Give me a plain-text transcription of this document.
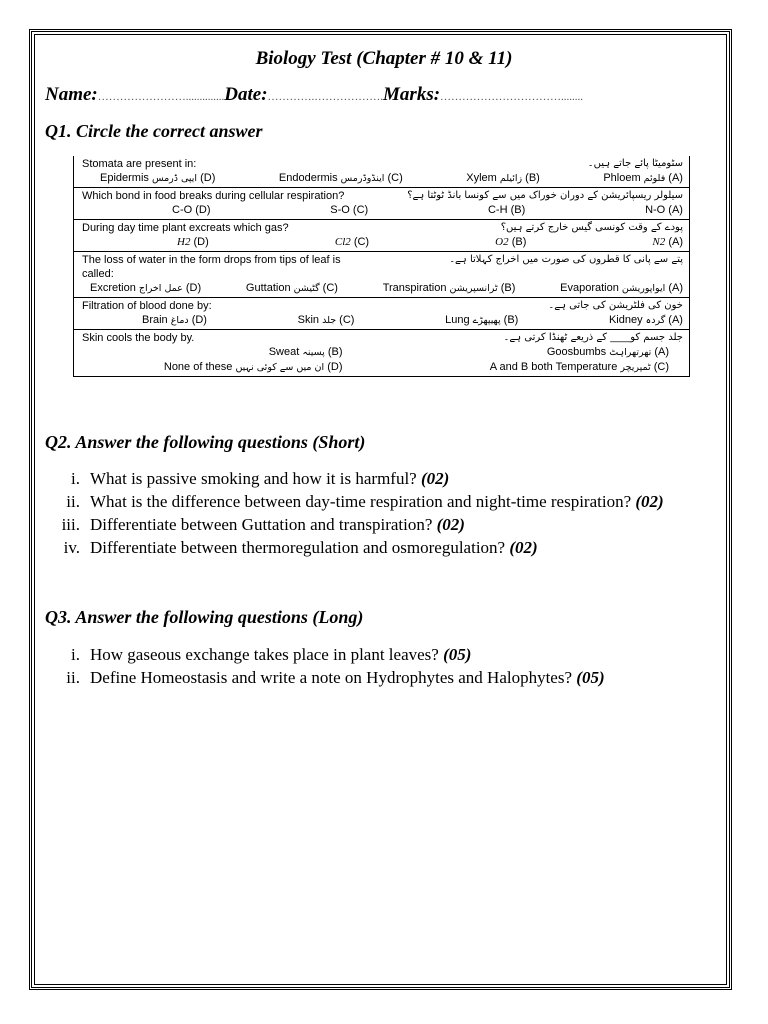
Biology Test (Chapter # 10 & 11)
Name:……………………..............Date:………….……………….Marks:……………………………........
Q1. Circle the correct answer
Stomata are present in:	سٹومیٹا پائے جاتے ہیں۔
Epidermis ایپی ڈرمس (D)	Endodermis اینڈوڈرمس (C)	Xylem زائیلم (B)	Phloem فلوئم (A)

Which bond in food breaks during cellular respiration?	سیلولر ریسپائریشن کے دوران خوراک میں سے کونسا بانڈ ٹوٹتا ہے؟
C-O (D)	S-O (C)	C-H (B)	N-O (A)

During day time plant excreats which gas?	پودے کے وقت کونسی گیس خارج کرتے ہیں؟
H2 (D)	Cl2 (C)	O2 (B)	N2 (A)

The loss of water in the form drops from tips of leaf is	پتے سے پانی کا قطروں کی صورت میں اخراج کہلاتا ہے۔
called:
Excretion عمل اخراج (D)	Guttation گٹیشن (C)	Transpiration ٹرانسپریشن (B)	Evaporation ایواپوریشن (A)

Filtration of blood done by:	خون کی فلٹریشن کی جاتی ہے۔
Brain دماغ (D)	Skin جلد (C)	Lung پھیپھڑے (B)	Kidney گردہ (A)

Skin cools the body by.	جلد جسم کو____ کے ذریعے ٹھنڈا کرتی ہے۔
Sweat پسینہ (B)	Goosbumbs تھرتھراہٹ (A)
None of these ان میں سے کوئی نہیں (D)	A and B both Temperature ٹمپریچر (C)
Q2. Answer the following questions (Short)
i. What is passive smoking and how it is harmful? (02)
ii. What is the difference between day-time respiration and night-time respiration? (02)
iii. Differentiate between Guttation and transpiration? (02)
iv. Differentiate between thermoregulation and osmoregulation? (02)
Q3. Answer the following questions (Long)
i. How gaseous exchange takes place in plant leaves? (05)
ii. Define Homeostasis and write a note on Hydrophytes and Halophytes? (05)
